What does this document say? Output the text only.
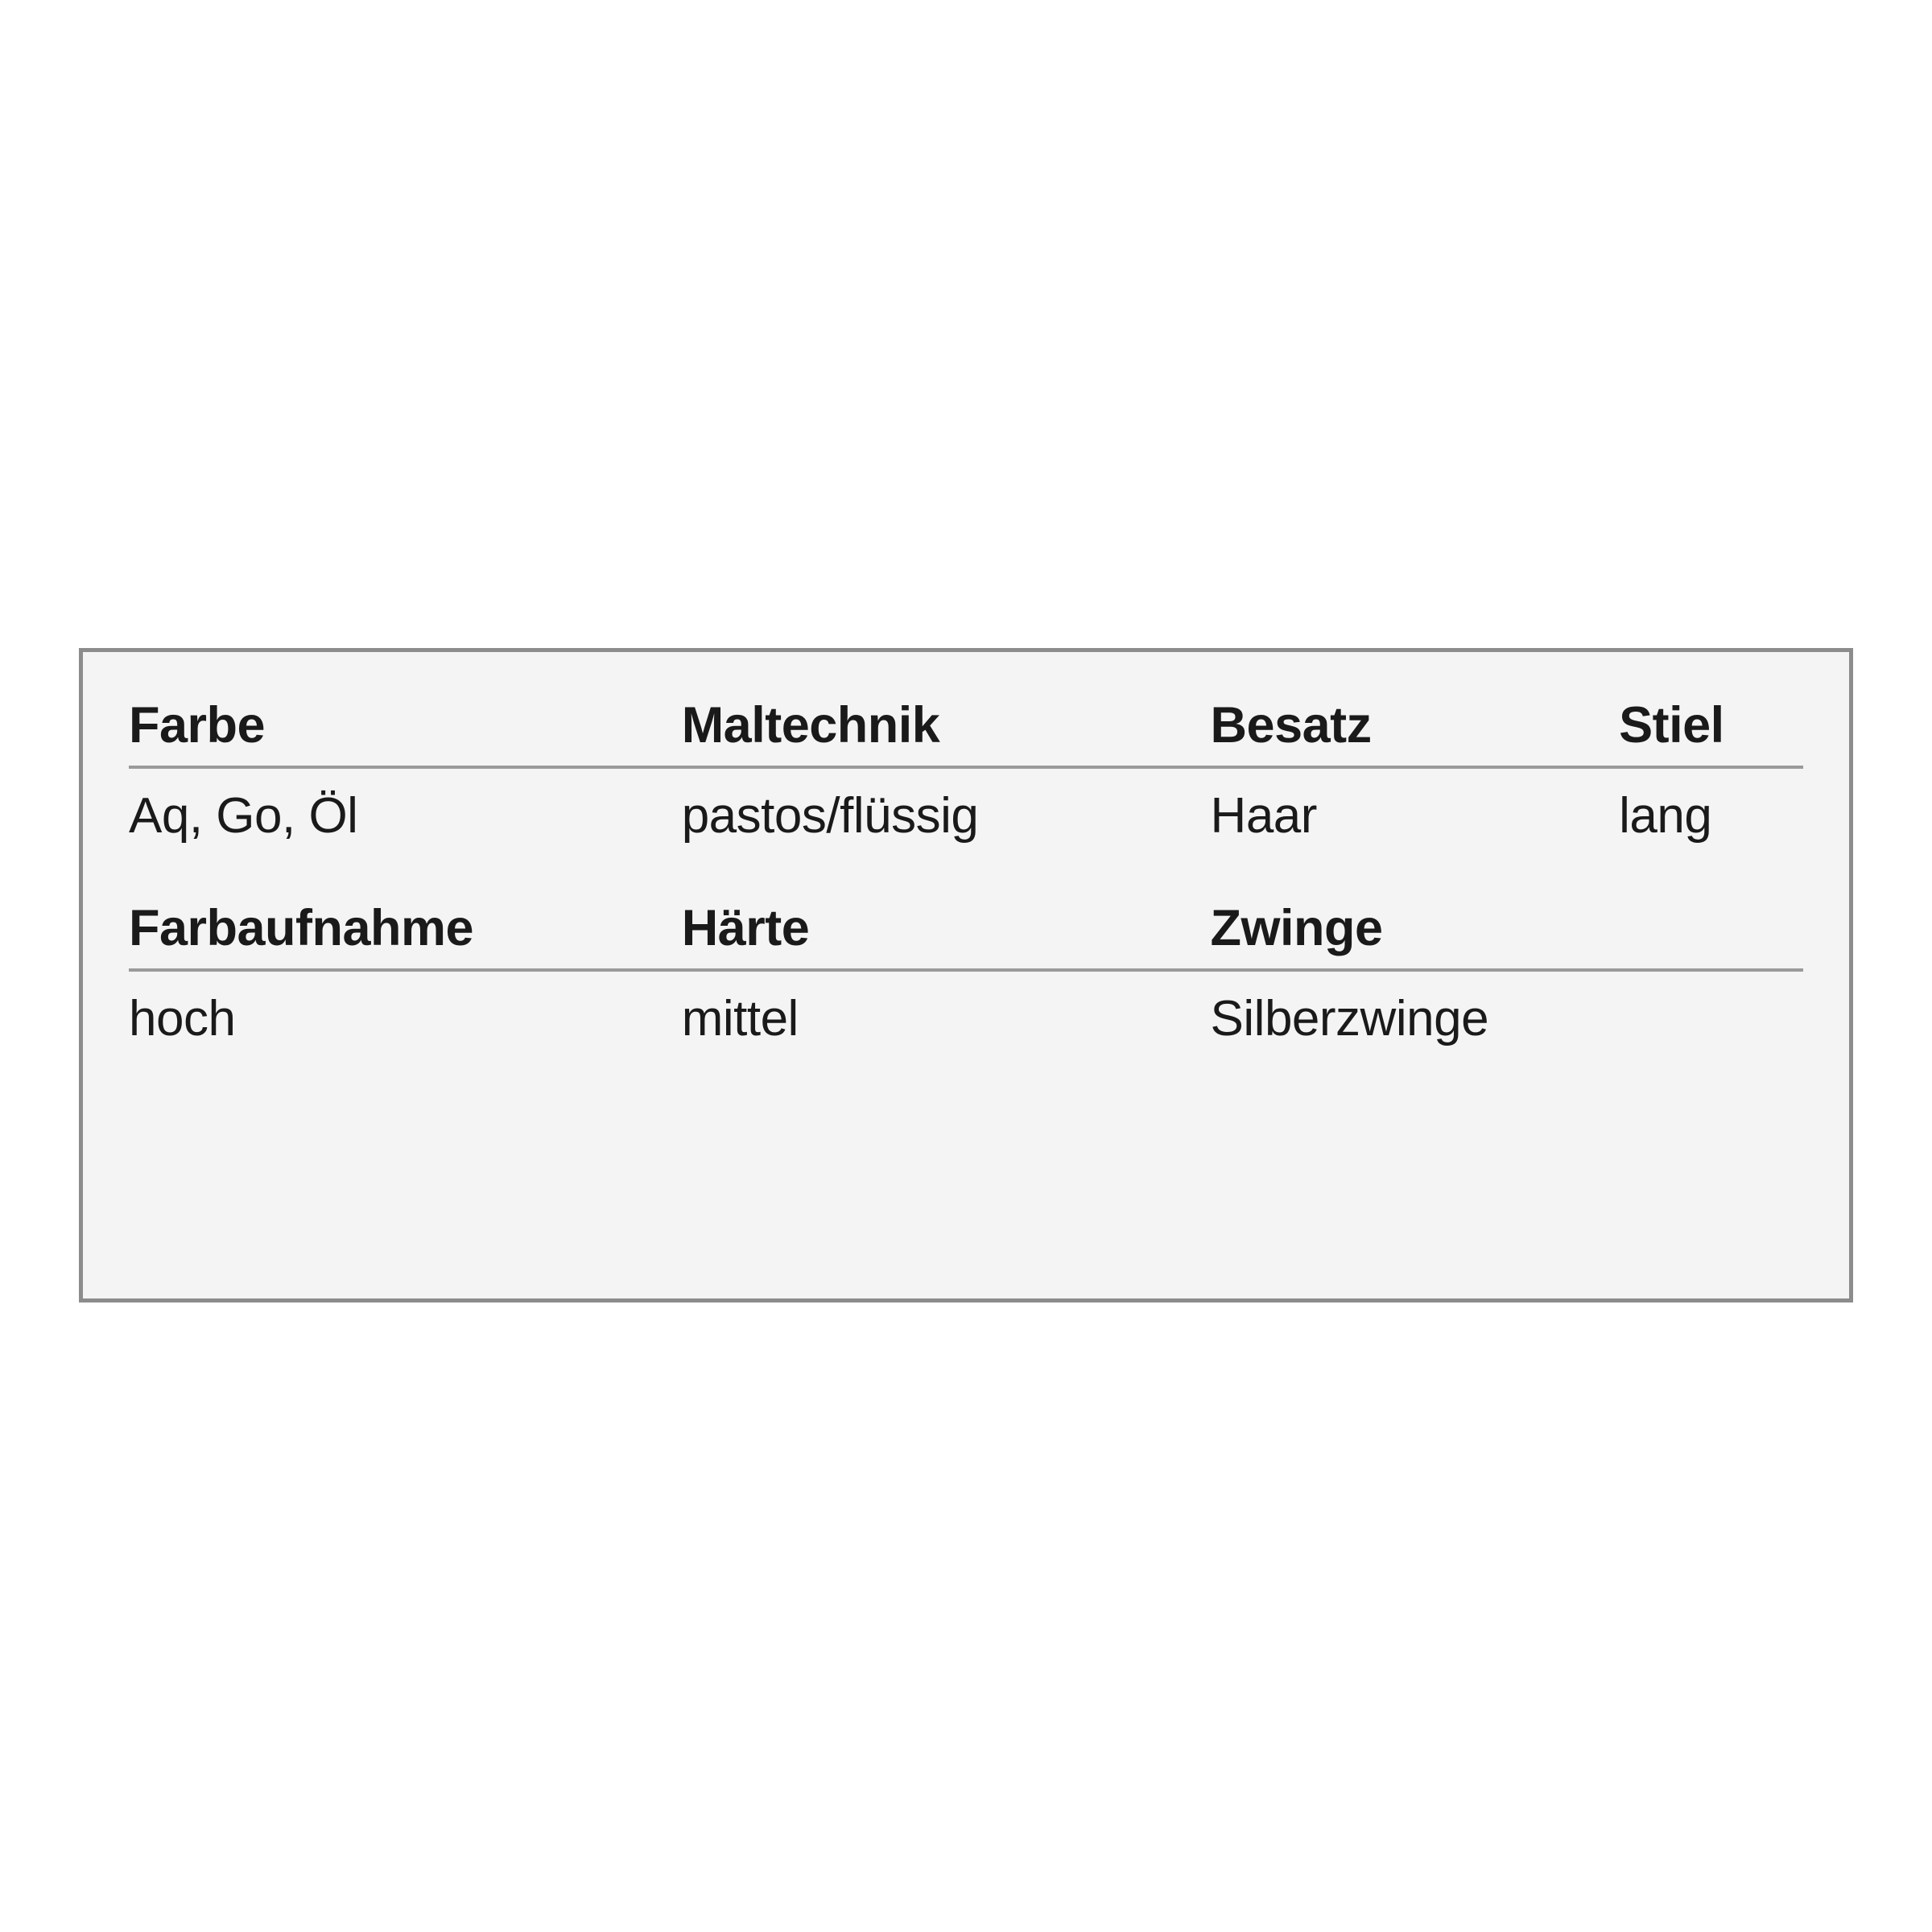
Farbe	Maltechnik	Besatz	Stiel
Aq, Go, Öl	pastos/flüssig	Haar	lang
Farbaufnahme	Härte	Zwinge
hoch	mittel	Silberzwinge
